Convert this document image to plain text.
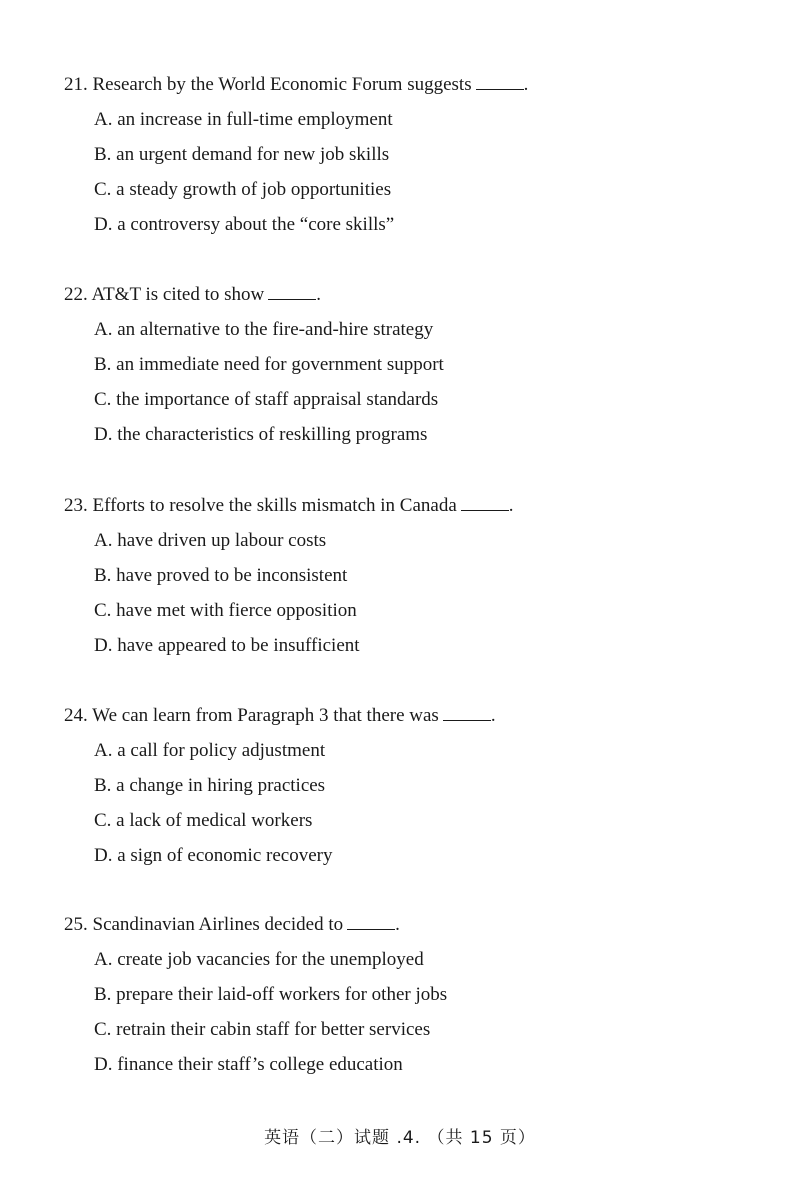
21. Research by the World Economic Forum suggests	.
A. an increase in full-time employment
B. an urgent demand for new job skills
C. a steady growth of job opportunities
D. a controversy about the “core skills”
22. AT&T is cited to show	.
A. an alternative to the fire-and-hire strategy
B. an immediate need for government support
C. the importance of staff appraisal standards
D. the characteristics of reskilling programs
23. Efforts to resolve the skills mismatch in Canada	.
A. have driven up labour costs
B. have proved to be inconsistent
C. have met with fierce opposition
D. have appeared to be insufficient
24. We can learn from Paragraph 3 that there was	.
A. a call for policy adjustment
B. a change in hiring practices
C. a lack of medical workers
D. a sign of economic recovery
25. Scandinavian Airlines decided to	.
A. create job vacancies for the unemployed
B. prepare their laid-off workers for other jobs
C. retrain their cabin staff for better services
D. finance their staff’s college education
英语（二）试题 .4. （共 15 页）
